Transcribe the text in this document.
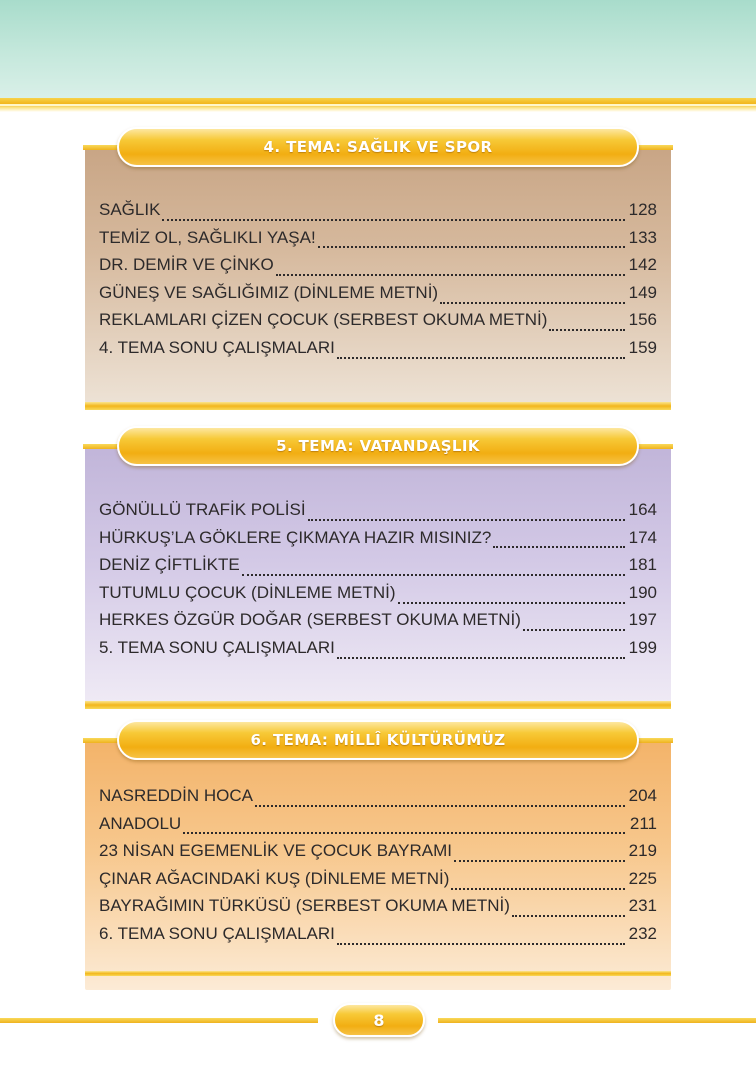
4. TEMA: SAĞLIK VE SPOR
SAĞLIK	128
TEMİZ OL, SAĞLIKLI YAŞA!	133
DR. DEMİR VE ÇİNKO	142
GÜNEŞ VE SAĞLIĞIMIZ (DİNLEME METNİ)	149
REKLAMLARI ÇİZEN ÇOCUK (SERBEST OKUMA METNİ)	156
4. TEMA SONU ÇALIŞMALARI	159
5. TEMA: VATANDAŞLIK
GÖNÜLLÜ TRAFİK POLİSİ	164
HÜRKUŞ’LA GÖKLERE ÇIKMAYA HAZIR MISINIZ?	174
DENİZ ÇİFTLİKTE	181
TUTUMLU ÇOCUK (DİNLEME METNİ)	190
HERKES ÖZGÜR DOĞAR (SERBEST OKUMA METNİ)	197
5. TEMA SONU ÇALIŞMALARI	199
6. TEMA: MİLLÎ KÜLTÜRÜMÜZ
NASREDDİN HOCA	204
ANADOLU	211
23 NİSAN EGEMENLİK VE ÇOCUK BAYRAMI	219
ÇINAR AĞACINDAKİ KUŞ (DİNLEME METNİ)	225
BAYRAĞIMIN TÜRKÜSÜ (SERBEST OKUMA METNİ)	231
6. TEMA SONU ÇALIŞMALARI	232
8
